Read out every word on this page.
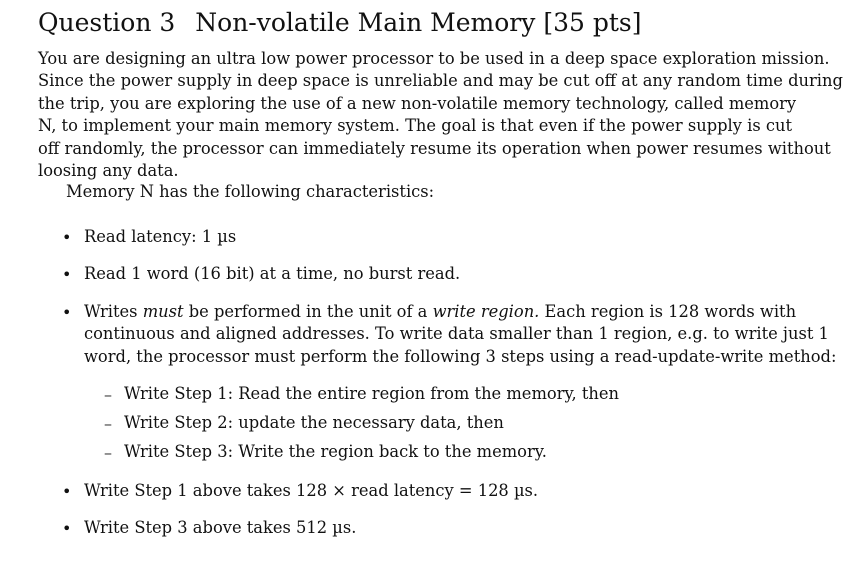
Question 3 Non-volatile Main Memory [35 pts]
You are designing an ultra low power processor to be used in a deep space exploration mission.
Since the power supply in deep space is unreliable and may be cut off at any random time during
the trip, you are exploring the use of a new non-volatile memory technology, called memory
N, to implement your main memory system. The goal is that even if the power supply is cut
off randomly, the processor can immediately resume its operation when power resumes without
loosing any data.
Memory N has the following characteristics:
• Read latency: 1 µs
• Read 1 word (16 bit) at a time, no burst read.
• Writes must be performed in the unit of a write region. Each region is 128 words with
continuous and aligned addresses. To write data smaller than 1 region, e.g. to write just 1
word, the processor must perform the following 3 steps using a read-update-write method:
– Write Step 1: Read the entire region from the memory, then
– Write Step 2: update the necessary data, then
– Write Step 3: Write the region back to the memory.
• Write Step 1 above takes 128 × read latency = 128 µs.
• Write Step 3 above takes 512 µs.
